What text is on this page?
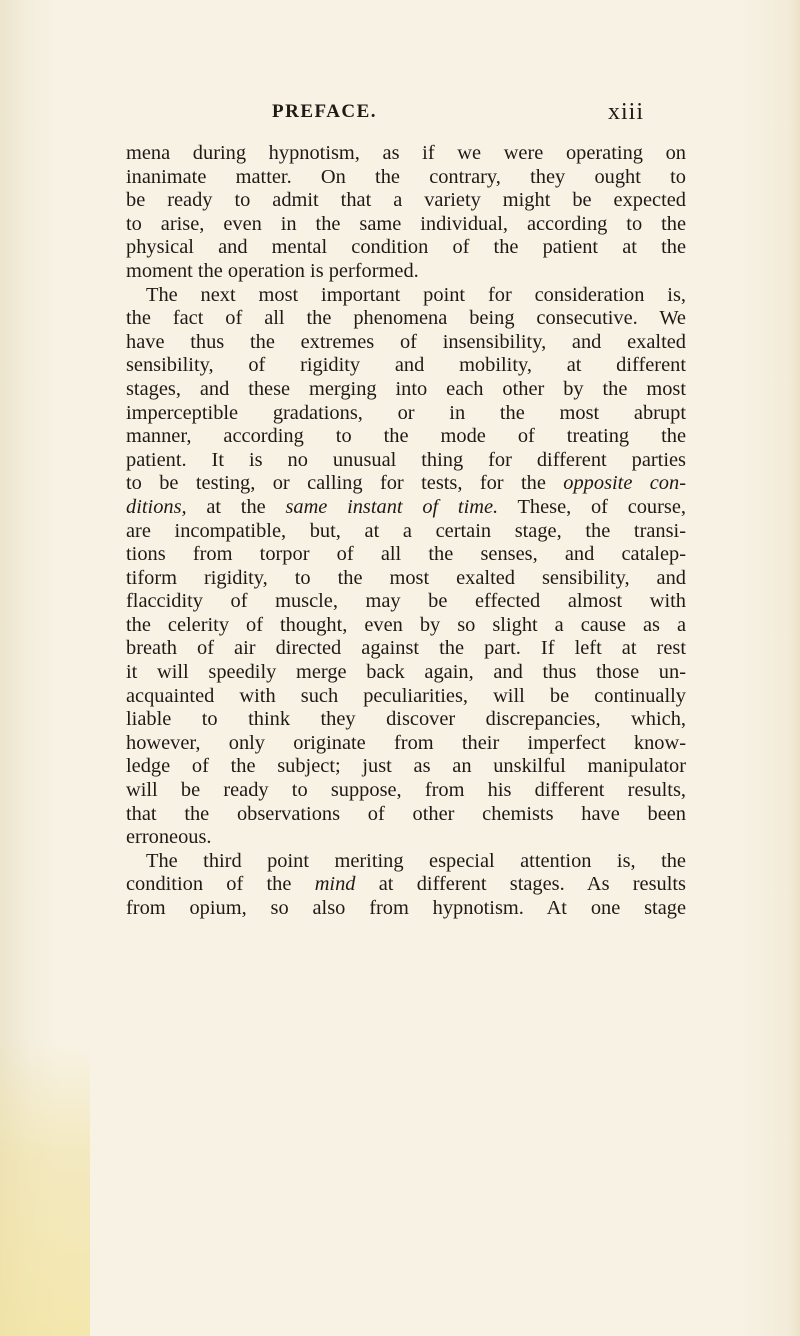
PREFACE.	xiii
mena during hypnotism, as if we were operating on
inanimate matter. On the contrary, they ought to
be ready to admit that a variety might be expected
to arise, even in the same individual, according to the
physical and mental condition of the patient at the
moment the operation is performed.
The next most important point for consideration is,
the fact of all the phenomena being consecutive. We
have thus the extremes of insensibility, and exalted
sensibility, of rigidity and mobility, at different
stages, and these merging into each other by the most
imperceptible gradations, or in the most abrupt
manner, according to the mode of treating the
patient. It is no unusual thing for different parties
to be testing, or calling for tests, for the opposite con-
ditions, at the same instant of time. These, of course,
are incompatible, but, at a certain stage, the transi-
tions from torpor of all the senses, and catalep-
tiform rigidity, to the most exalted sensibility, and
flaccidity of muscle, may be effected almost with
the celerity of thought, even by so slight a cause as a
breath of air directed against the part. If left at rest
it will speedily merge back again, and thus those un-
acquainted with such peculiarities, will be continually
liable to think they discover discrepancies, which,
however, only originate from their imperfect know-
ledge of the subject; just as an unskilful manipulator
will be ready to suppose, from his different results,
that the observations of other chemists have been
erroneous.
The third point meriting especial attention is, the
condition of the mind at different stages. As results
from opium, so also from hypnotism. At one stage
